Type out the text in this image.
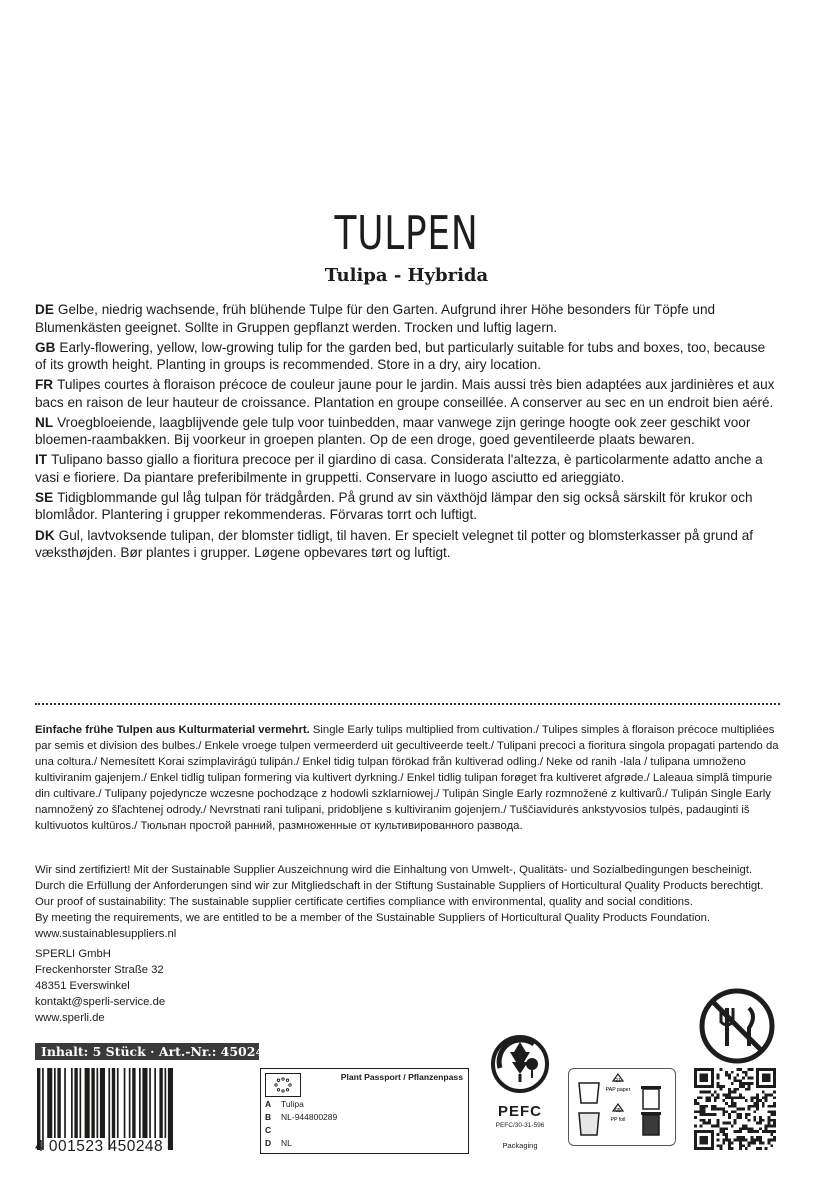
TULPEN
Tulipa - Hybrida
DE Gelbe, niedrig wachsende, früh blühende Tulpe für den Garten. Aufgrund ihrer Höhe besonders für Töpfe und Blumenkästen geeignet. Sollte in Gruppen gepflanzt werden. Trocken und luftig lagern.
GB Early-flowering, yellow, low-growing tulip for the garden bed, but particularly suitable for tubs and boxes, too, because of its growth height. Planting in groups is recommended. Store in a dry, airy location.
FR Tulipes courtes à floraison précoce de couleur jaune pour le jardin. Mais aussi très bien adaptées aux jardinières et aux bacs en raison de leur hauteur de croissance. Plantation en groupe conseillée. A conserver au sec en un endroit bien aéré.
NL Vroegbloeiende, laagblijvende gele tulp voor tuinbedden, maar vanwege zijn geringe hoogte ook zeer geschikt voor bloemen-raambakken. Bij voorkeur in groepen planten. Op de een droge, goed geventileerde plaats bewaren.
IT Tulipano basso giallo a fioritura precoce per il giardino di casa. Considerata l'altezza, è particolarmente adatto anche a vasi e fioriere. Da piantare preferibilmente in gruppetti. Conservare in luogo asciutto ed arieggiato.
SE Tidigblommande gul låg tulpan för trädgården. På grund av sin växthöjd lämpar den sig också särskilt för krukor och blomlådor. Plantering i grupper rekommenderas. Förvaras torrt och luftigt.
DK Gul, lavtvoksende tulipan, der blomster tidligt, til haven. Er specielt velegnet til potter og blomsterkasser på grund af væksthøjden. Bør plantes i grupper. Løgene opbevares tørt og luftigt.
Einfache frühe Tulpen aus Kulturmaterial vermehrt. Single Early tulips multiplied from cultivation./ Tulipes simples à floraison précoce multipliées par semis et division des bulbes./ Enkele vroege tulpen vermeerderd uit gecultiveerde teelt./ Tulipani precoci a fioritura singola propagati partendo da una coltura./ Nemesített Korai szimplavirágú tulipán./ Enkel tidig tulpan förökad från kultiverad odling./ Neke od ranih -lala / tulipana umnoženo kultiviranim gajenjem./ Enkel tidlig tulipan formering via kultivert dyrkning./ Enkel tidlig tulipan forøget fra kultiveret afgrøde./ Laleaua simplă timpurie din cultivare./ Tulipany pojedyncze wczesne pochodzące z hodowli szklarniowej./ Tulipán Single Early rozmnožené z kultivarů./ Tulipán Single Early namnožený zo šľachtenej odrody./ Nevrstnati rani tulipani, pridobljene s kultiviranim gojenjem./ Tuščiavidurės ankstyvosios tulpės, padauginti iš kultivuotos kultūros./ Тюльпан простой ранний, размноженные от культивированного развода.
Wir sind zertifiziert! Mit der Sustainable Supplier Auszeichnung wird die Einhaltung von Umwelt-, Qualitäts- und Sozialbedingungen bescheinigt.
Durch die Erfüllung der Anforderungen sind wir zur Mitgliedschaft in der Stiftung Sustainable Suppliers of Horticultural Quality Products berechtigt.
Our proof of sustainability: The sustainable supplier certificate certifies compliance with environmental, quality and social conditions.
By meeting the requirements, we are entitled to be a member of the Sustainable Suppliers of Horticultural Quality Products Foundation.
www.sustainablesuppliers.nl
SPERLI GmbH
Freckenhorster Straße 32
48351 Everswinkel
kontakt@sperli-service.de
www.sperli.de
Inhalt: 5 Stück · Art.-Nr.: 450248
4 001523 450248
Plant Passport / Pflanzenpass
A Tulipa
B NL-944800289
C
D NL
PEFC
PEFC/30-31-596
Packaging
21
PAP paper
05
PP foil
